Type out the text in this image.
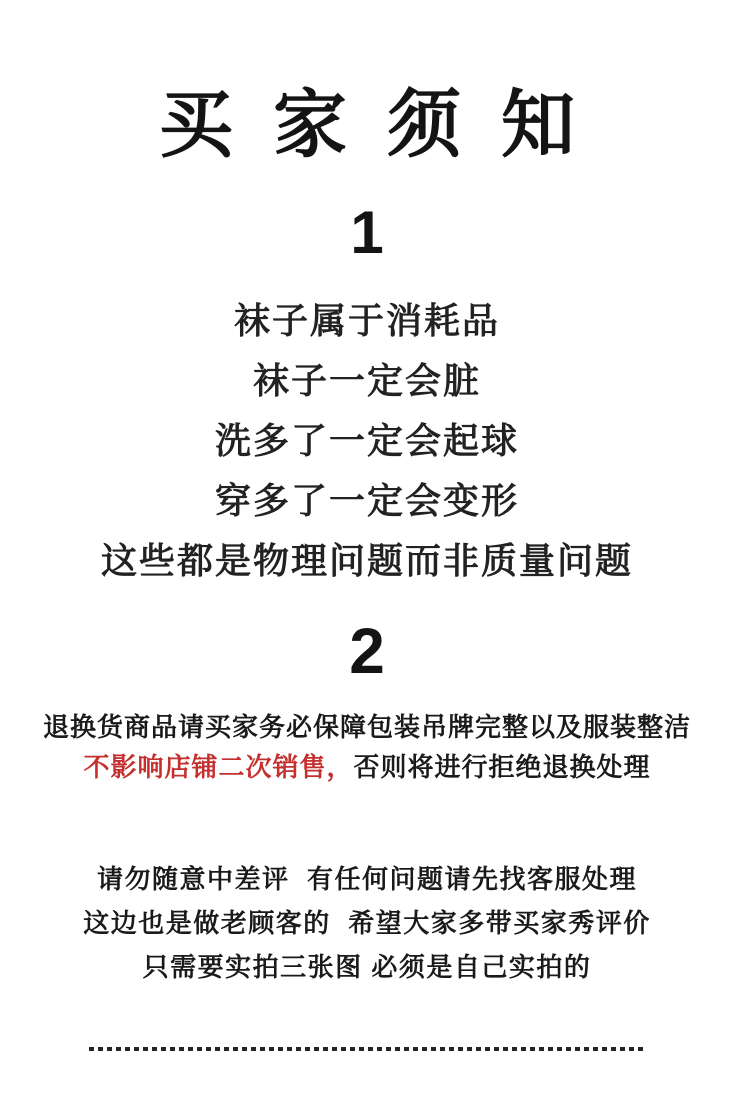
买家须知
1
袜子属于消耗品
袜子一定会脏
洗多了一定会起球
穿多了一定会变形
这些都是物理问题而非质量问题
2

退换货商品请买家务必保障包装吊牌完整以及服装整洁
不影响店铺二次销售，否则将进行拒绝退换处理

请勿随意中差评  有任何问题请先找客服处理
这边也是做老顾客的  希望大家多带买家秀评价
只需要实拍三张图 必须是自己实拍的
